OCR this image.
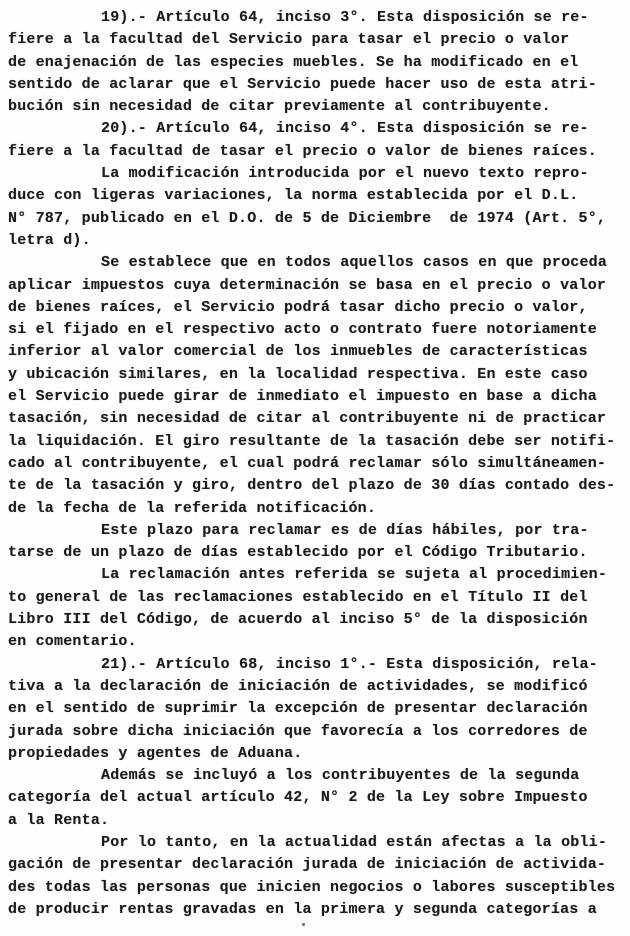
19).- Artículo 64, inciso 3°. Esta disposición se re-
fiere a la facultad del Servicio para tasar el precio o valor
de enajenación de las especies muebles. Se ha modificado en el
sentido de aclarar que el Servicio puede hacer uso de esta atri-
bución sin necesidad de citar previamente al contribuyente.
20).- Artículo 64, inciso 4°. Esta disposición se re-
fiere a la facultad de tasar el precio o valor de bienes raíces.
La modificación introducida por el nuevo texto repro-
duce con ligeras variaciones, la norma establecida por el D.L.
N° 787, publicado en el D.O. de 5 de Diciembre  de 1974 (Art. 5°,
letra d).
Se establece que en todos aquellos casos en que proceda
aplicar impuestos cuya determinación se basa en el precio o valor
de bienes raíces, el Servicio podrá tasar dicho precio o valor,
si el fijado en el respectivo acto o contrato fuere notoriamente
inferior al valor comercial de los inmuebles de características
y ubicación similares, en la localidad respectiva. En este caso
el Servicio puede girar de inmediato el impuesto en base a dicha
tasación, sin necesidad de citar al contribuyente ni de practicar
la liquidación. El giro resultante de la tasación debe ser notifi-
cado al contribuyente, el cual podrá reclamar sólo simultáneamen-
te de la tasación y giro, dentro del plazo de 30 días contado des-
de la fecha de la referida notificación.
Este plazo para reclamar es de días hábiles, por tra-
tarse de un plazo de días establecido por el Código Tributario.
La reclamación antes referida se sujeta al procedimien-
to general de las reclamaciones establecido en el Título II del
Libro III del Código, de acuerdo al inciso 5° de la disposición
en comentario.
21).- Artículo 68, inciso 1°.- Esta disposición, rela-
tiva a la declaración de iniciación de actividades, se modificó
en el sentido de suprimir la excepción de presentar declaración
jurada sobre dicha iniciación que favorecía a los corredores de
propiedades y agentes de Aduana.
Además se incluyó a los contribuyentes de la segunda
categoría del actual artículo 42, N° 2 de la Ley sobre Impuesto
a la Renta.
Por lo tanto, en la actualidad están afectas a la obli-
gación de presentar declaración jurada de iniciación de activida-
des todas las personas que inicien negocios o labores susceptibles
de producir rentas gravadas en la primera y segunda categorías a
